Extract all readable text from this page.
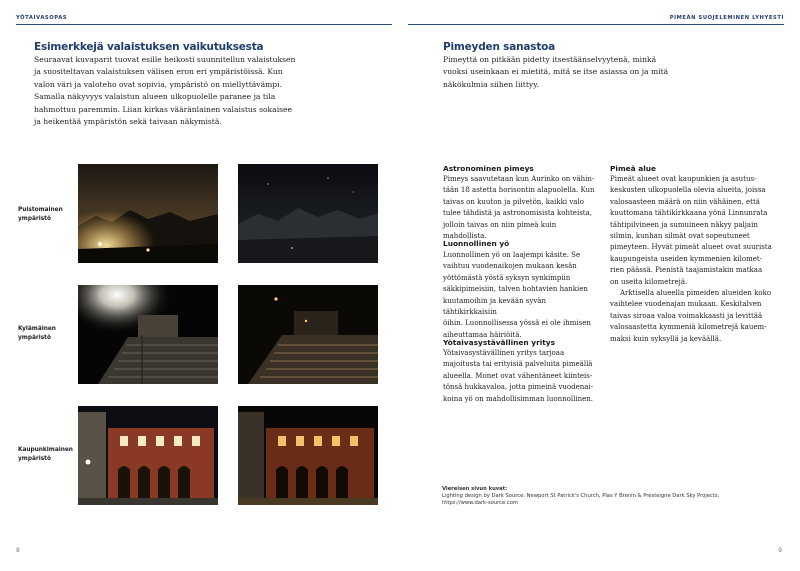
YÖTAIVASOPAS	PIMEÄN SUOJELEMINEN LYHYESTI
Esimerkkejä valaistuksen vaikutuksesta
Seuraavat kuvaparit tuovat esille heikosti suunnitellun valaistuksen
ja suositeltavan valaistuksen välisen eron eri ympäristöissä. Kun
valon väri ja valoteho ovat sopivia, ympäristö on miellyttävämpi.
Samalla näkyvyys valaistun alueen ulkopuolelle paranee ja tila
hahmottuu paremmin. Liian kirkas vääränlainen valaistus sokaisee
ja heikentää ympäristön sekä taivaan näkymistä.
Puistomainen
ympäristö
Kylämäinen
ympäristö
Kaupunkimainen
ympäristö
8
Pimeyden sanastoa
Pimeyttä on pitkään pidetty itsestäänselvyytenä, minkä
vuoksi useinkaan ei mietitä, mitä se itse asiassa on ja mitä
näkökulmia siihen liittyy.
Astronominen pimeys
Pimeys saavutetaan kun Aurinko on vähin-
tään 18 astetta horisontin alapuolella. Kun
taivas on kuuton ja pilvetön, kaikki valo
tulee tähdistä ja astronomisista kohteista,
jolloin taivas on niin pimeä kuin mahdollista.
Luonnollinen yö
Luonnollinen yö on laajempi käsite. Se
vaihtuu vuodenaikojen mukaan kesän
yöttömästä yöstä syksyn synkimpiin
säkkipimeisiin, talven hohtavien hankien
kuutamoihin ja kevään syvän tähtikirkkaisiin
öihin. Luonnollisessa yössä ei ole ihmisen
aiheuttamaa häiriöitä.
Yötaivasystävällinen yritys
Yötaivasystävällinen yritys tarjoaa
majoitusta tai erityisiä palveluita pimeällä
alueella. Monet ovat vähentäneet kiinteis-
tönsä hukkavaloa, jotta pimeinä vuodenai-
koina yö on mahdollisimman luonnollinen.
Pimeä alue
Pimeät alueet ovat kaupunkien ja asutus-
keskusten ulkopuolella olevia alueita, joissa
valosaasteen määrä on niin vähäinen, että
kuuttomana tähtikirkkaana yönä Linnunrata
tähtipilvineen ja sumuineen näkyy paljain
silmin, kunhan silmät ovat sopeutuneet
pimeyteen. Hyvät pimeät alueet ovat suurista
kaupungeista useiden kymmenien kilomet-
rien päässä. Pienistä taajamistakin matkaa
on useita kilometrejä.
Arktisella alueella pimeiden alueiden koko
vaihtelee vuodenajan mukaan. Keskitalven
taivas siroaa valoa voimakkaasti ja levittää
valosaastetta kymmeniä kilometrejä kauem-
maksi kuin syksyllä ja keväällä.
Viereisen sivun kuvat:
Lighting design by Dark Source: Newport St Patrick's Church, Plas Y Brenin & Presteigne Dark Sky Projects;
https://www.dark-source.com
9
